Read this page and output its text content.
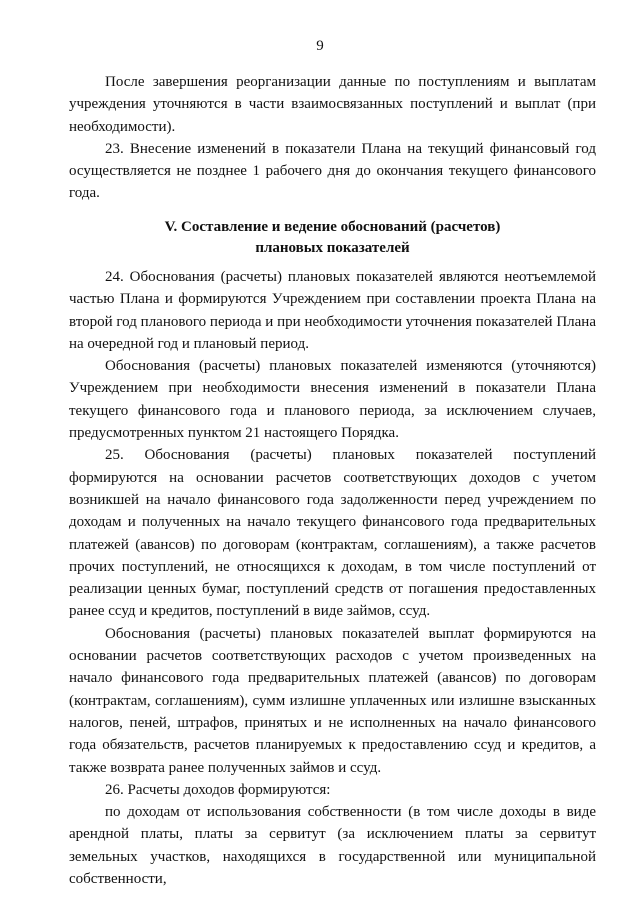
9

После завершения реорганизации данные по поступлениям и выплатам учреждения уточняются в части взаимосвязанных поступлений и выплат (при необходимости).

23. Внесение изменений в показатели Плана на текущий финансовый год осуществляется не позднее 1 рабочего дня до окончания текущего финансового года.

V. Составление и ведение обоснований (расчетов)
плановых показателей

24. Обоснования (расчеты) плановых показателей являются неотъемлемой частью Плана и формируются Учреждением при составлении проекта Плана на второй год планового периода и при необходимости уточнения показателей Плана на очередной год и плановый период.

Обоснования (расчеты) плановых показателей изменяются (уточняются) Учреждением при необходимости внесения изменений в показатели Плана текущего финансового года и планового периода, за исключением случаев, предусмотренных пунктом 21 настоящего Порядка.

25. Обоснования (расчеты) плановых показателей поступлений формируются на основании расчетов соответствующих доходов с учетом возникшей на начало финансового года задолженности перед учреждением по доходам и полученных на начало текущего финансового года предварительных платежей (авансов) по договорам (контрактам, соглашениям), а также расчетов прочих поступлений, не относящихся к доходам, в том числе поступлений от реализации ценных бумаг, поступлений средств от погашения предоставленных ранее ссуд и кредитов, поступлений в виде займов, ссуд.

Обоснования (расчеты) плановых показателей выплат формируются на основании расчетов соответствующих расходов с учетом произведенных на начало финансового года предварительных платежей (авансов) по договорам (контрактам, соглашениям), сумм излишне уплаченных или излишне взысканных налогов, пеней, штрафов, принятых и не исполненных на начало финансового года обязательств, расчетов планируемых к предоставлению ссуд и кредитов, а также возврата ранее полученных займов и ссуд.

26. Расчеты доходов формируются:

по доходам от использования собственности (в том числе доходы в виде арендной платы, платы за сервитут (за исключением платы за сервитут земельных участков, находящихся в государственной или муниципальной собственности,
